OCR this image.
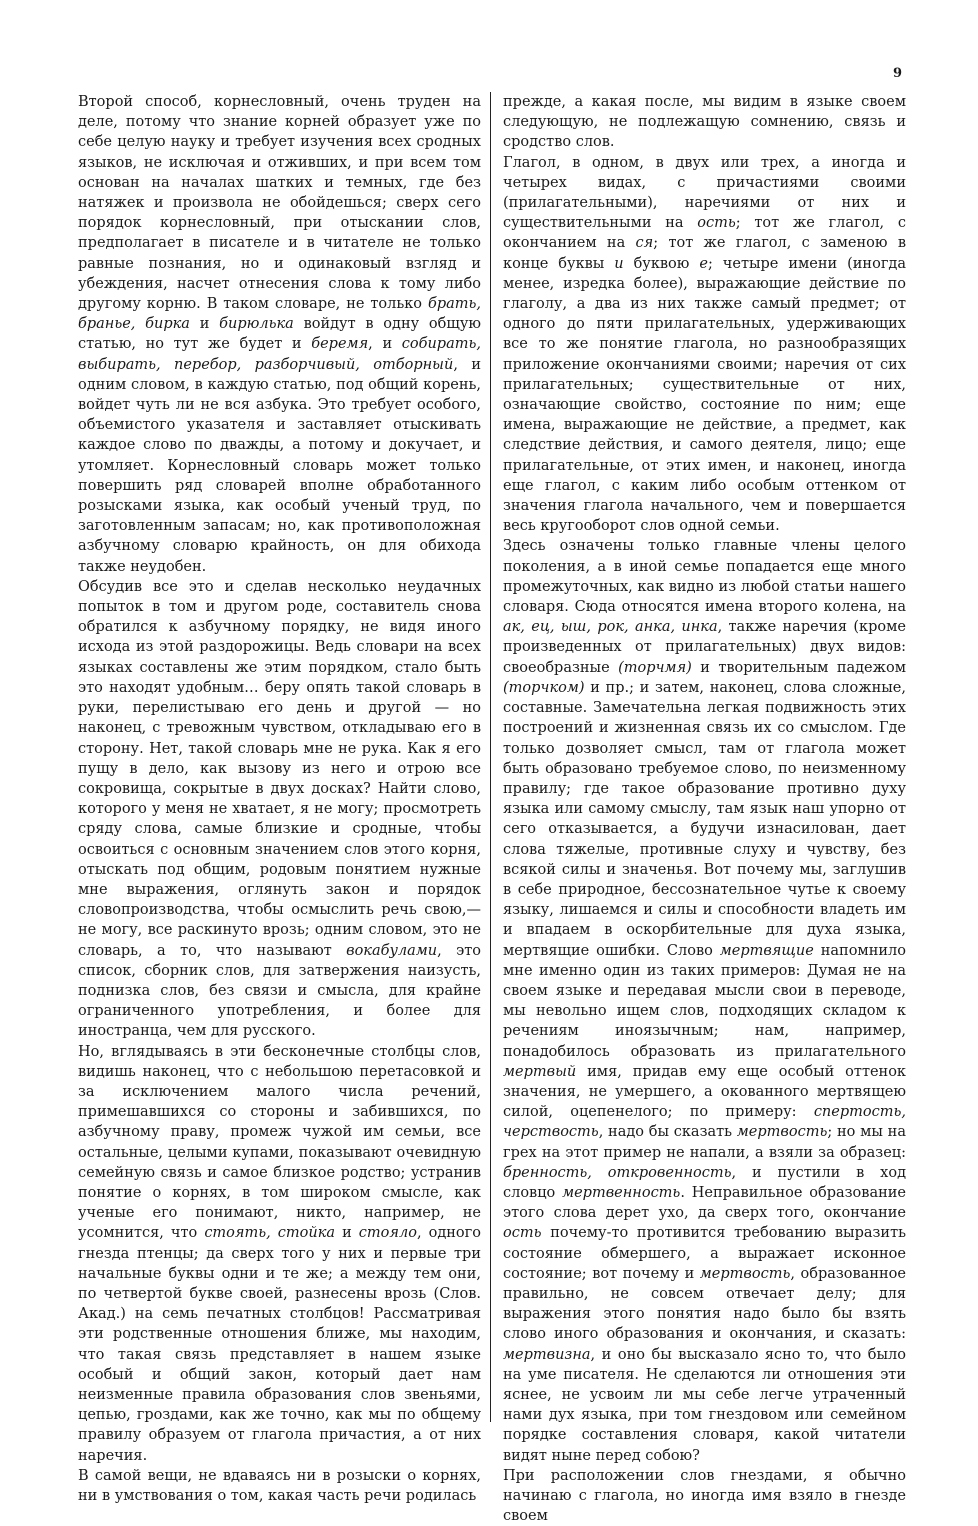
9

Второй способ, корнесловный, очень труден на деле, потому что знание корней образует уже по себе целую науку и требует изучения всех сродных языков, не исключая и отживших, и при всем том основан на началах шатких и темных, где без натяжек и произвола не обойдешься; сверх сего порядок корнесловный, при отыскании слов, предполагает в писателе и в читателе не только равные познания, но и одинаковый взгляд и убеждения, насчет отнесения слова к тому либо другому корню. В таком словаре, не только брать, бранье, бирка и бирюлька войдут в одну общую статью, но тут же будет и беремя, и собирать, выбирать, перебор, разборчивый, отборный, и одним словом, в каждую статью, под общий корень, войдет чуть ли не вся азбука. Это требует особого, объемистого указателя и заставляет отыскивать каждое слово по дважды, а потому и докучает, и утомляет. Корнесловный словарь может только повершить ряд словарей вполне обработанного розысками языка, как особый ученый труд, по заготовленным запасам; но, как противоположная азбучному словарю крайность, он для обихода также неудобен.

Обсудив все это и сделав несколько неудачных попыток в том и другом роде, составитель снова обратился к азбучному порядку, не видя иного исхода из этой раздорожицы. Ведь словари на всех языках составлены же этим порядком, стало быть это находят удобным… беру опять такой словарь в руки, перелистываю его день и другой — но наконец, с тревожным чувством, откладываю его в сторону. Нет, такой словарь мне не рука. Как я его пущу в дело, как вызову из него и отрою все сокровища, сокрытые в двух досках? Найти слово, которого у меня не хватает, я не могу; просмотреть сряду слова, самые близкие и сродные, чтобы освоиться с основным значением слов этого корня, отыскать под общим, родовым понятием нужные мне выражения, оглянуть закон и порядок словопроизводства, чтобы осмыслить речь свою,— не могу, все раскинуто врозь; одним словом, это не словарь, а то, что называют вокабулами, это список, сборник слов, для затвержения наизусть, поднизка слов, без связи и смысла, для крайне ограниченного употребления, и более для иностранца, чем для русского.

Но, вглядываясь в эти бесконечные столбцы слов, видишь наконец, что с небольшою перетасовкой и за исключением малого числа речений, примешавшихся со стороны и забившихся, по азбучному праву, промеж чужой им семьи, все остальные, целыми купами, показывают очевидную семейную связь и самое близкое родство; устранив понятие о корнях, в том широком смысле, как ученые его понимают, никто, например, не усомнится, что стоять, стойка и стояло, одного гнезда птенцы; да сверх того у них и первые три начальные буквы одни и те же; а между тем они, по четвертой букве своей, разнесены врозь (Слов. Акад.) на семь печатных столбцов! Рассматривая эти родственные отношения ближе, мы находим, что такая связь представляет в нашем языке особый и общий закон, который дает нам неизменные правила образования слов звеньями, цепью, гроздами, как же точно, как мы по общему правилу образуем от глагола причастия, а от них наречия.

В самой вещи, не вдаваясь ни в розыски о корнях, ни в умствования о том, какая часть речи родилась

прежде, а какая после, мы видим в языке своем следующую, не подлежащую сомнению, связь и сродство слов.

Глагол, в одном, в двух или трех, а иногда и четырех видах, с причастиями своими (прилагательными), наречиями от них и существительными на ость; тот же глагол, с окончанием на ся; тот же глагол, с заменою в конце буквы и буквою е; четыре имени (иногда менее, изредка более), выражающие действие по глаголу, а два из них также самый предмет; от одного до пяти прилагательных, удерживающих все то же понятие глагола, но разнообразящих приложение окончаниями своими; наречия от сих прилагательных; существительные от них, означающие свойство, состояние по ним; еще имена, выражающие не действие, а предмет, как следствие действия, и самого деятеля, лицо; еще прилагательные, от этих имен, и наконец, иногда еще глагол, с каким либо особым оттенком от значения глагола начального, чем и повершается весь кругооборот слов одной семьи.

Здесь означены только главные члены целого поколения, а в иной семье попадается еще много промежуточных, как видно из любой статьи нашего словаря. Сюда относятся имена второго колена, на ак, ец, ыш, рок, анка, инка, также наречия (кроме произведенных от прилагательных) двух видов: своеобразные (торчмя) и творительным падежом (торчком) и пр.; и затем, наконец, слова сложные, составные. Замечательна легкая подвижность этих построений и жизненная связь их со смыслом. Где только дозволяет смысл, там от глагола может быть образовано требуемое слово, по неизменному правилу; где такое образование противно духу языка или самому смыслу, там язык наш упорно от сего отказывается, а будучи изнасилован, дает слова тяжелые, противные слуху и чувству, без всякой силы и значенья. Вот почему мы, заглушив в себе природное, бессознательное чутье к своему языку, лишаемся и силы и способности владеть им и впадаем в оскорбительные для духа языка, мертвящие ошибки. Слово мертвящие напомнило мне именно один из таких примеров: Думая не на своем языке и передавая мысли свои в переводе, мы невольно ищем слов, подходящих складом к речениям иноязычным; нам, например, понадобилось образовать из прилагательного мертвый имя, придав ему еще особый оттенок значения, не умершего, а окованного мертвящею силой, оцепенелого; по примеру: спертость, черствость, надо бы сказать мертвость; но мы на грех на этот пример не напали, а взяли за образец: бренность, откровенность, и пустили в ход словцо мертвенность. Неправильное образование этого слова дерет ухо, да сверх того, окончание ость почему-то противится требованию выразить состояние обмершего, а выражает исконное состояние; вот почему и мертвость, образованное правильно, не совсем отвечает делу; для выражения этого понятия надо было бы взять слово иного образования и окончания, и сказать: мертвизна, и оно бы высказало ясно то, что было на уме писателя. Не сделаются ли отношения эти яснее, не усвоим ли мы себе легче утраченный нами дух языка, при том гнездовом или семейном порядке составления словаря, какой читатели видят ныне перед собою?

При расположении слов гнездами, я обычно начинаю с глагола, но иногда имя взяло в гнезде своем
